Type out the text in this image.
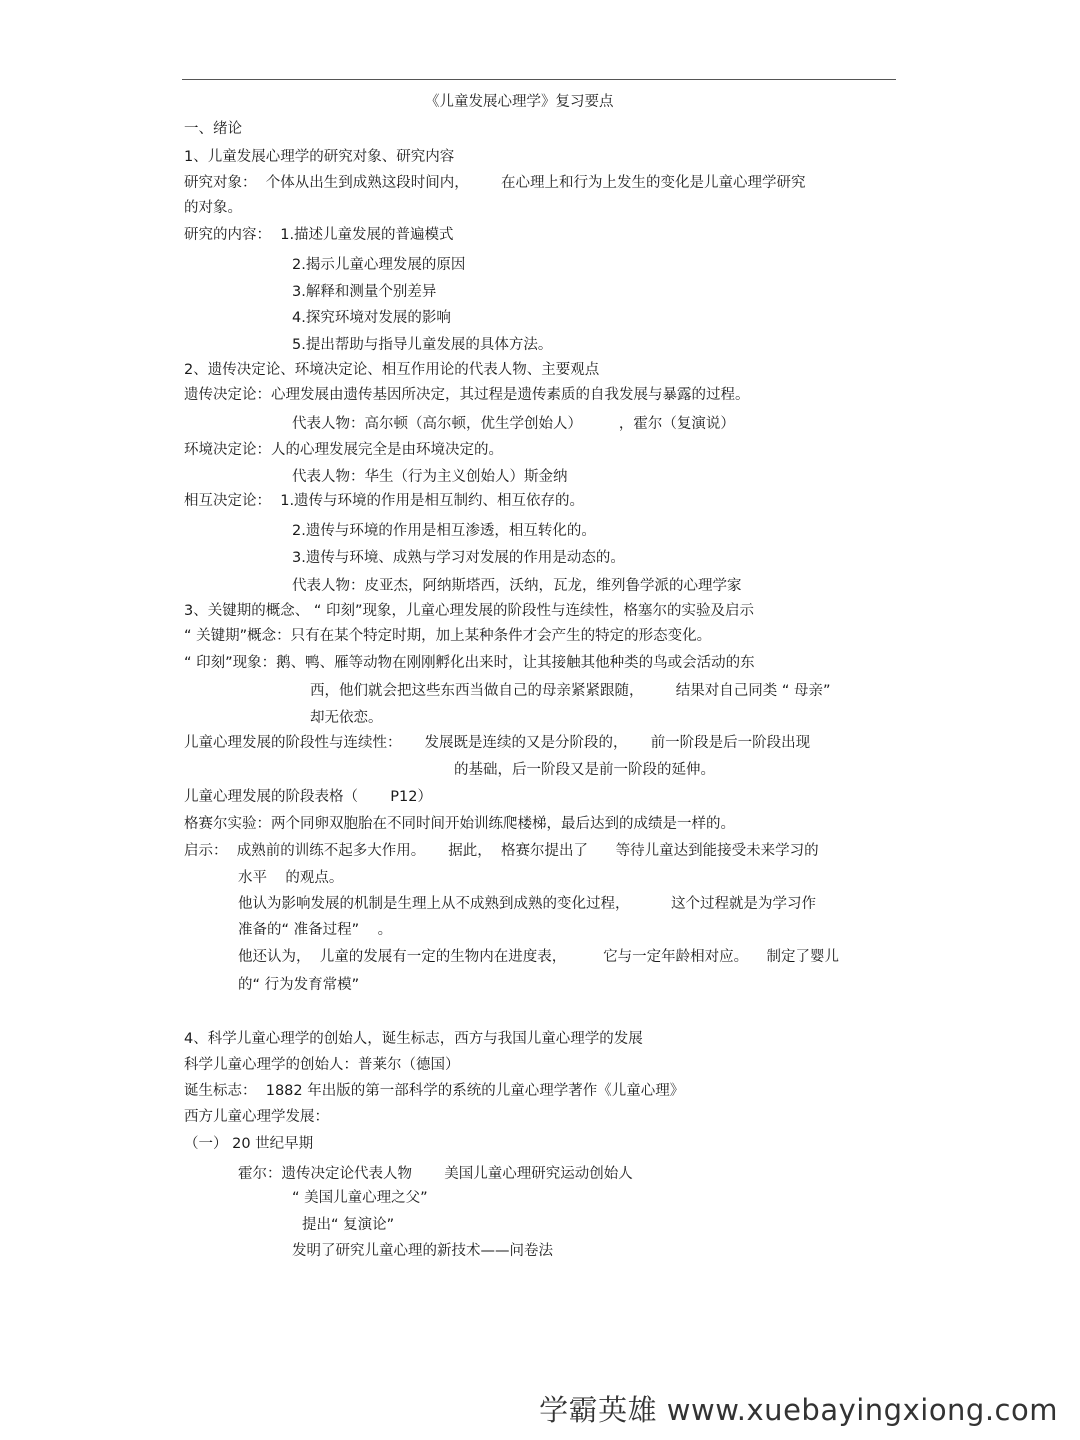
《儿童发展心理学》复习要点
一、绪论
1、儿童发展心理学的研究对象、研究内容
研究对象：  个体从出生到成熟这段时间内，       在心理上和行为上发生的变化是儿童心理学研究
的对象。
研究的内容：  1.描述儿童发展的普遍模式
2.揭示儿童心理发展的原因
3.解释和测量个别差异
4.探究环境对发展的影响
5.提出帮助与指导儿童发展的具体方法。
2、遗传决定论、环境决定论、相互作用论的代表人物、主要观点
遗传决定论：心理发展由遗传基因所决定，其过程是遗传素质的自我发展与暴露的过程。
代表人物：高尔顿（高尔顿，优生学创始人）        ，霍尔（复演说）
环境决定论：人的心理发展完全是由环境决定的。
代表人物：华生（行为主义创始人）斯金纳
相互决定论：  1.遗传与环境的作用是相互制约、相互依存的。
2.遗传与环境的作用是相互渗透，相互转化的。
3.遗传与环境、成熟与学习对发展的作用是动态的。
代表人物：皮亚杰，阿纳斯塔西，沃纳，瓦龙，维列鲁学派的心理学家
3、关键期的概念、 “ 印刻”现象，儿童心理发展的阶段性与连续性，格塞尔的实验及启示
“ 关键期”概念：只有在某个特定时期，加上某种条件才会产生的特定的形态变化。
“ 印刻”现象：鹅、鸭、雁等动物在刚刚孵化出来时，让其接触其他种类的鸟或会活动的东
西，他们就会把这些东西当做自己的母亲紧紧跟随，       结果对自己同类 “ 母亲”
却无依恋。
儿童心理发展的阶段性与连续性：     发展既是连续的又是分阶段的，     前一阶段是后一阶段出现
的基础，后一阶段又是前一阶段的延伸。
儿童心理发展的阶段表格（       P12）
格赛尔实验：两个同卵双胞胎在不同时间开始训练爬楼梯，最后达到的成绩是一样的。
启示：  成熟前的训练不起多大作用。     据此，  格赛尔提出了      等待儿童达到能接受未来学习的
水平    的观点。
他认为影响发展的机制是生理上从不成熟到成熟的变化过程，         这个过程就是为学习作
准备的“ 准备过程”    。
他还认为，  儿童的发展有一定的生物内在进度表，        它与一定年龄相对应。    制定了婴儿
的“ 行为发育常模”
4、科学儿童心理学的创始人，诞生标志，西方与我国儿童心理学的发展
科学儿童心理学的创始人：普莱尔（德国）
诞生标志：  1882 年出版的第一部科学的系统的儿童心理学著作《儿童心理》
西方儿童心理学发展：
（一） 20 世纪早期
霍尔：遗传决定论代表人物       美国儿童心理研究运动创始人
“ 美国儿童心理之父”
提出“ 复演论”
发明了研究儿童心理的新技术——问卷法
学霸英雄 www.xuebayingxiong.com
